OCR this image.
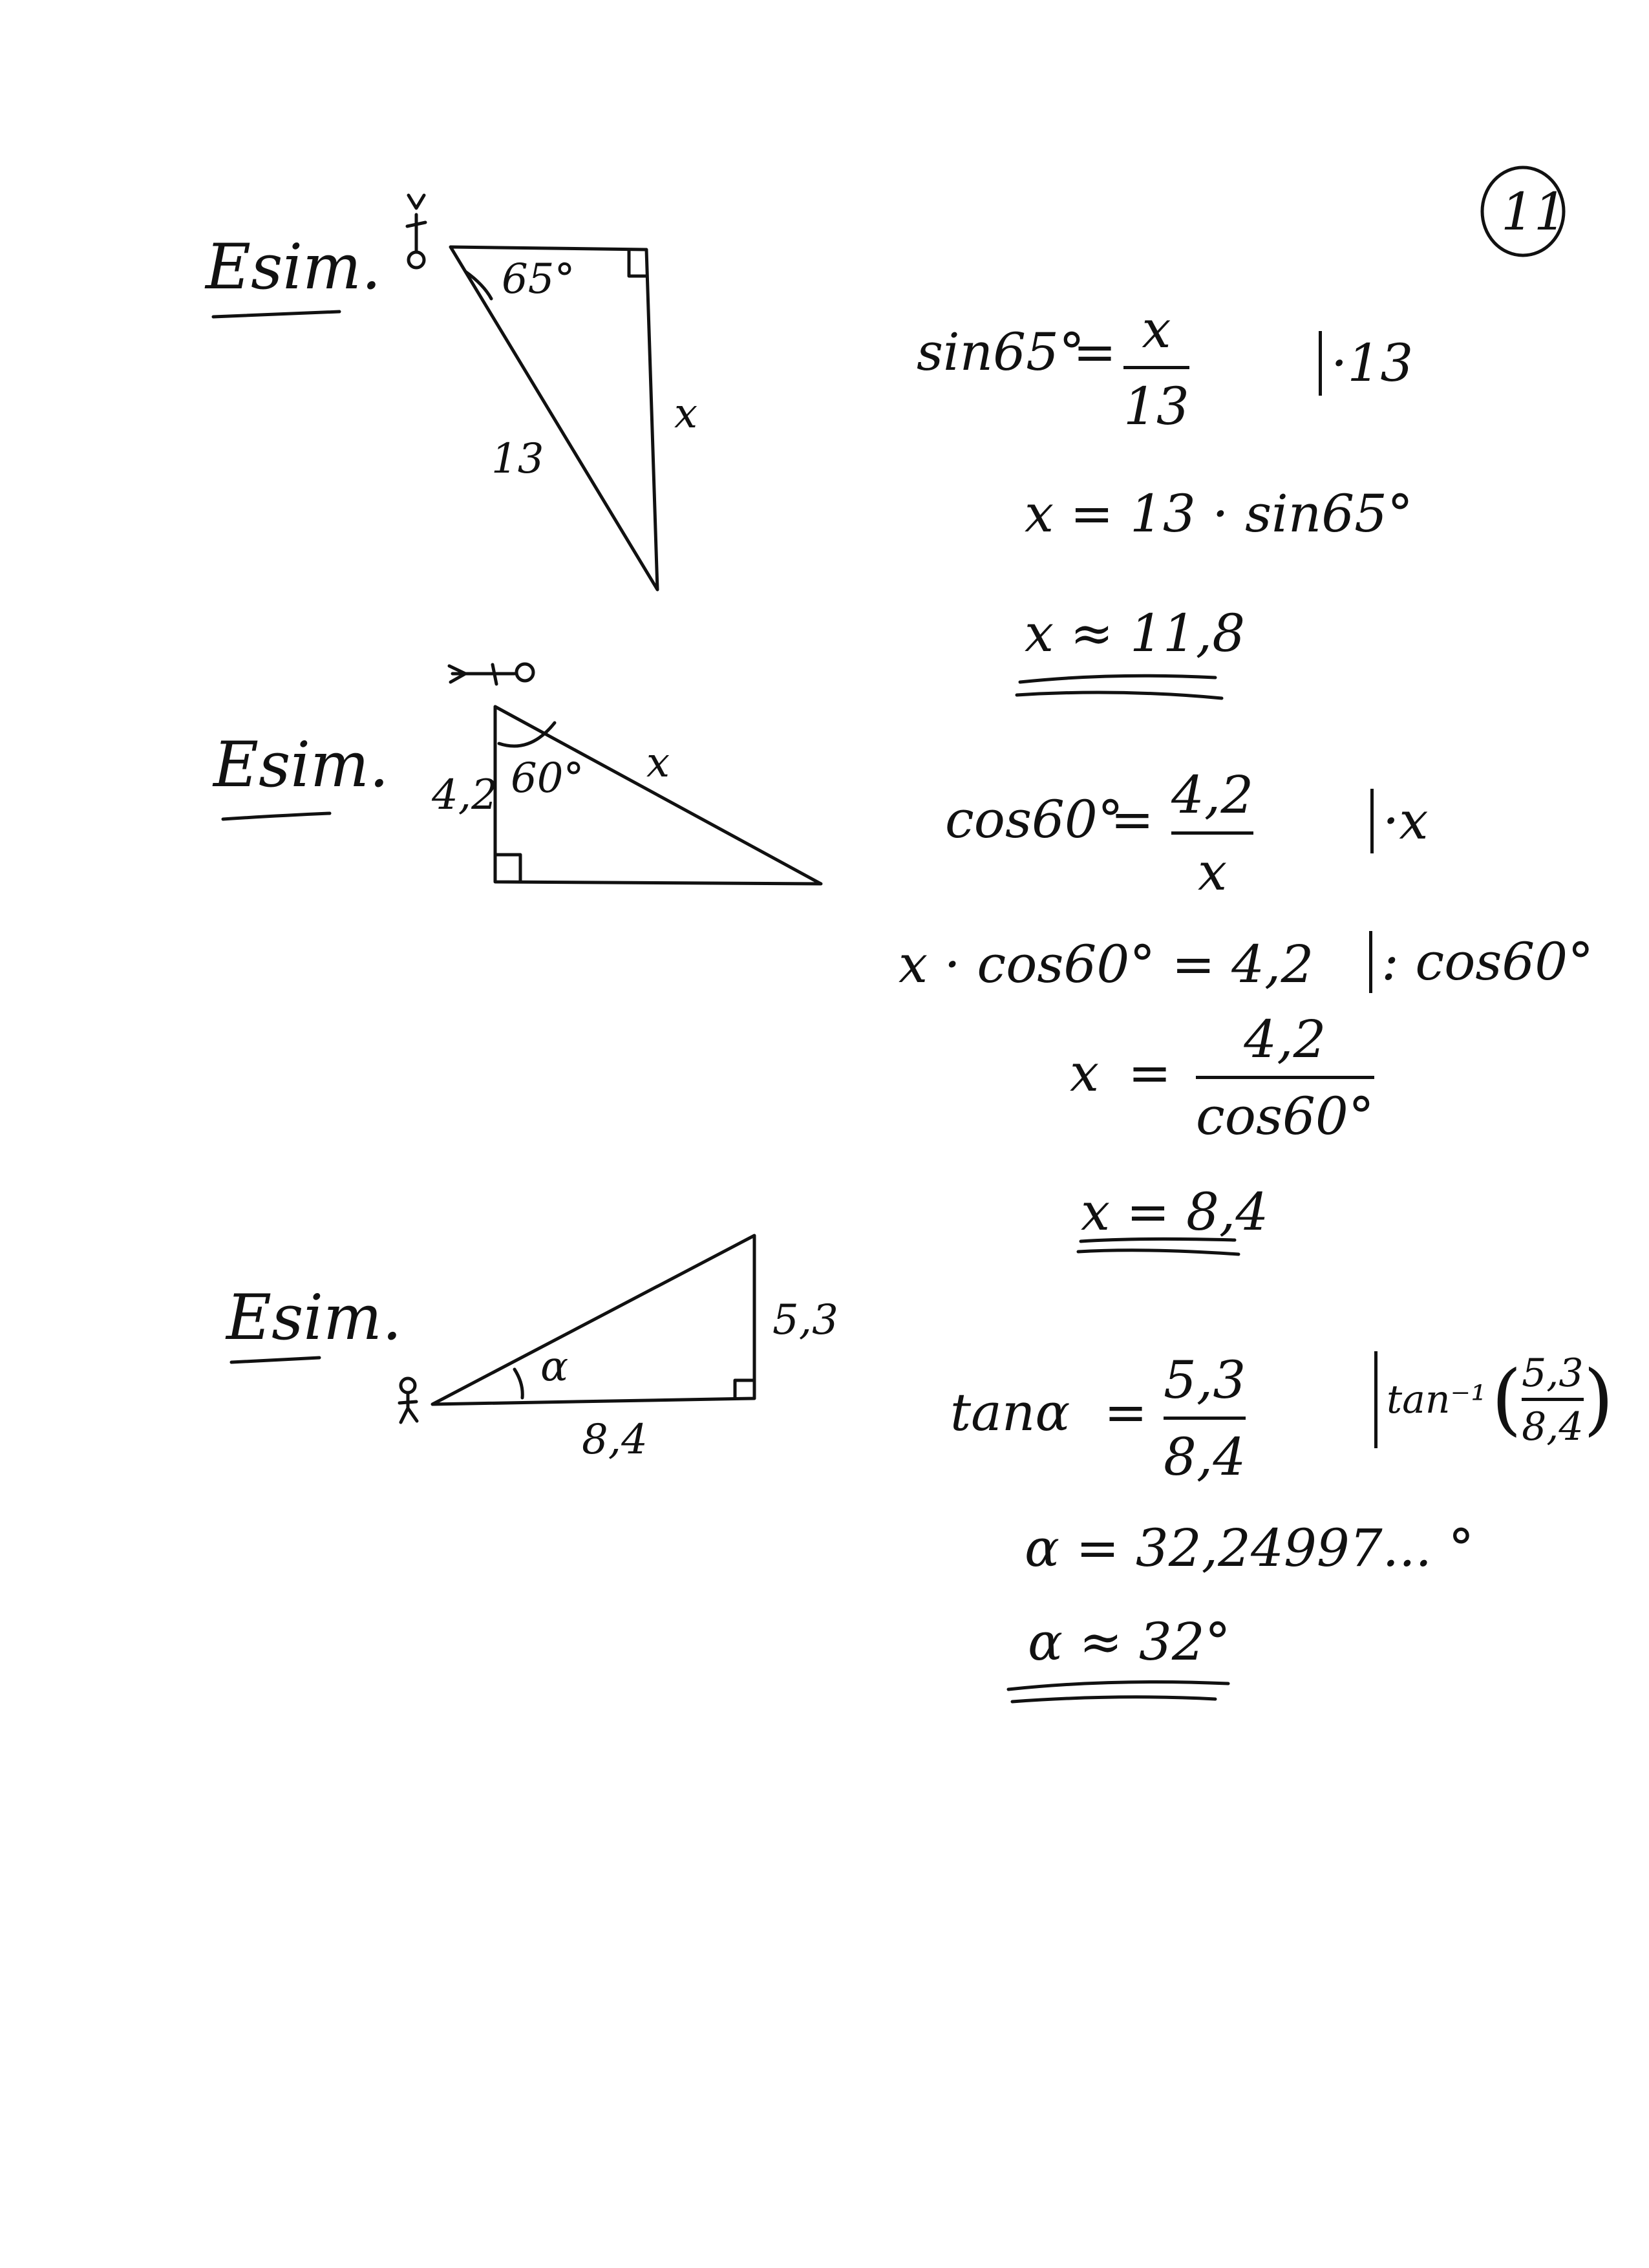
11
Esim.	65°
13
x
sin65°
= x
13
·13
x = 13 · sin65°
x ≈ 11,8
Esim. 4,2 60° x
cos60°
= 4,2
x
·x
x · cos60° = 4,2 : cos60°
x =
4,2
cos60°
x = 8,4
Esim.
α
5,3
8,4	tanα =
5,3
8,4
tan⁻¹ ( 5,3
8,4 )
α = 32,24997... °
α ≈ 32°
